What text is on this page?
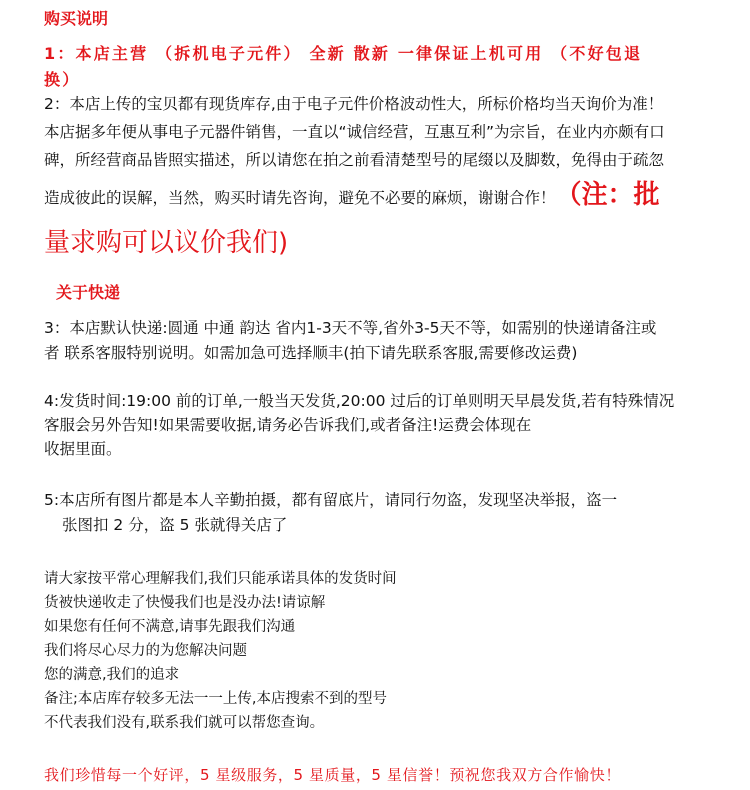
购买说明
1：本店主营 （拆机电子元件） 全新 散新 一律保证上机可用 （不好包退
换）
2：本店上传的宝贝都有现货库存,由于电子元件价格波动性大，所标价格均当天询价为准！
本店据多年便从事电子元器件销售，一直以“诚信经营，互惠互利”为宗旨，在业内亦颇有口
碑，所经营商品皆照实描述，所以请您在拍之前看清楚型号的尾缀以及脚数，免得由于疏忽
造成彼此的误解，当然，购买时请先咨询，避免不必要的麻烦，谢谢合作！（注：批
量求购可以议价我们)
关于快递
3：本店默认快递:圆通 中通 韵达 省内1-3天不等,省外3-5天不等，如需别的快递请备注或
者 联系客服特别说明。如需加急可选择顺丰(拍下请先联系客服,需要修改运费)
4:发货时间:19:00 前的订单,一般当天发货,20:00 过后的订单则明天早晨发货,若有特殊情况
客服会另外告知!如果需要收据,请务必告诉我们,或者备注!运费会体现在
收据里面。
5:本店所有图片都是本人辛勤拍摄，都有留底片，请同行勿盗，发现坚决举报，盗一
张图扣 2 分，盗 5 张就得关店了
请大家按平常心理解我们,我们只能承诺具体的发货时间
货被快递收走了快慢我们也是没办法!请谅解
如果您有任何不满意,请事先跟我们沟通
我们将尽心尽力的为您解决问题
您的满意,我们的追求
备注;本店库存较多无法一一上传,本店搜索不到的型号
不代表我们没有,联系我们就可以帮您查询。
我们珍惜每一个好评，5 星级服务，5 星质量，5 星信誉！预祝您我双方合作愉快！
